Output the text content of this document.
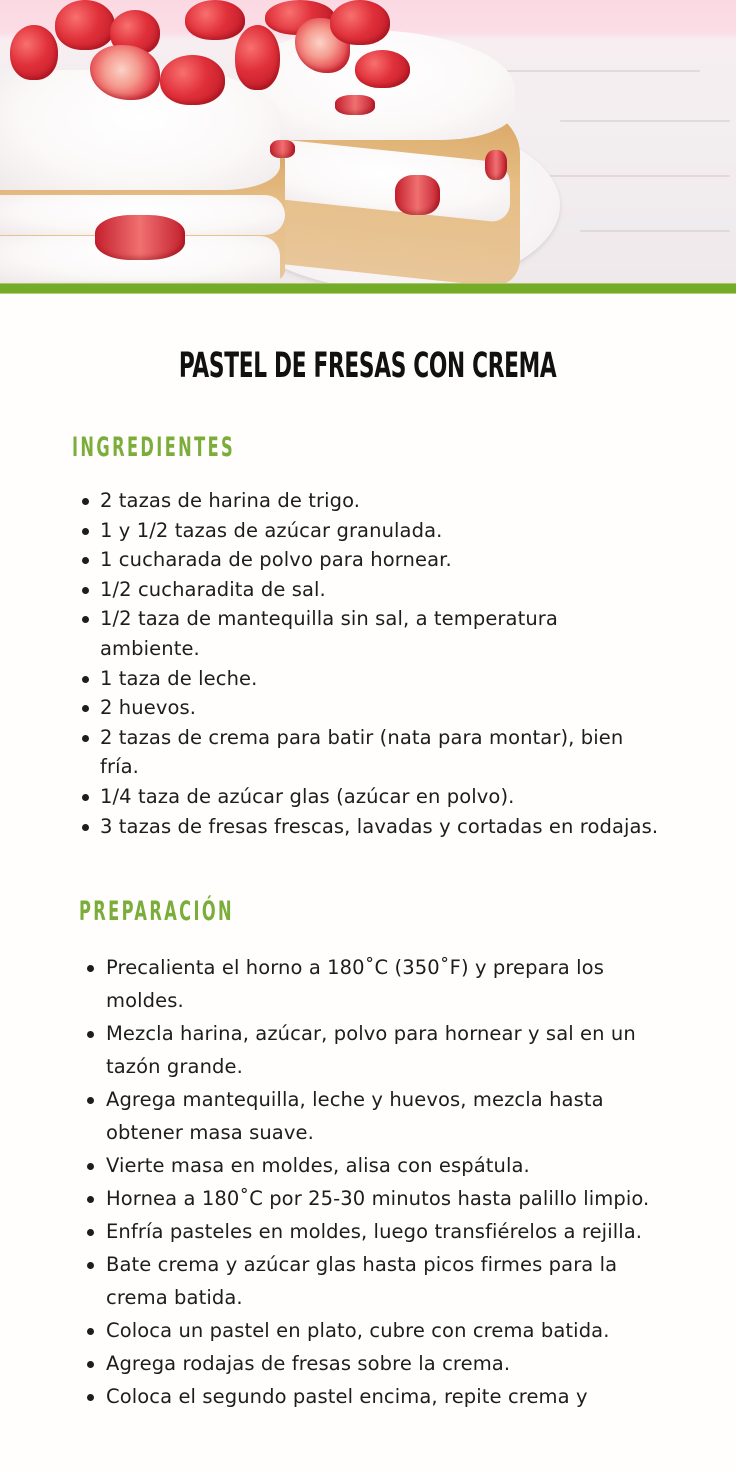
PASTEL DE FRESAS CON CREMA
INGREDIENTES
2 tazas de harina de trigo.
1 y 1/2 tazas de azúcar granulada.
1 cucharada de polvo para hornear.
1/2 cucharadita de sal.
1/2 taza de mantequilla sin sal, a temperatura ambiente.
1 taza de leche.
2 huevos.
2 tazas de crema para batir (nata para montar), bien fría.
1/4 taza de azúcar glas (azúcar en polvo).
3 tazas de fresas frescas, lavadas y cortadas en rodajas.
PREPARACIÓN
Precalienta el horno a 180˚C (350˚F) y prepara los moldes.
Mezcla harina, azúcar, polvo para hornear y sal en un tazón grande.
Agrega mantequilla, leche y huevos, mezcla hasta obtener masa suave.
Vierte masa en moldes, alisa con espátula.
Hornea a 180˚C por 25-30 minutos hasta palillo limpio.
Enfría pasteles en moldes, luego transfiérelos a rejilla.
Bate crema y azúcar glas hasta picos firmes para la crema batida.
Coloca un pastel en plato, cubre con crema batida.
Agrega rodajas de fresas sobre la crema.
Coloca el segundo pastel encima, repite crema y
